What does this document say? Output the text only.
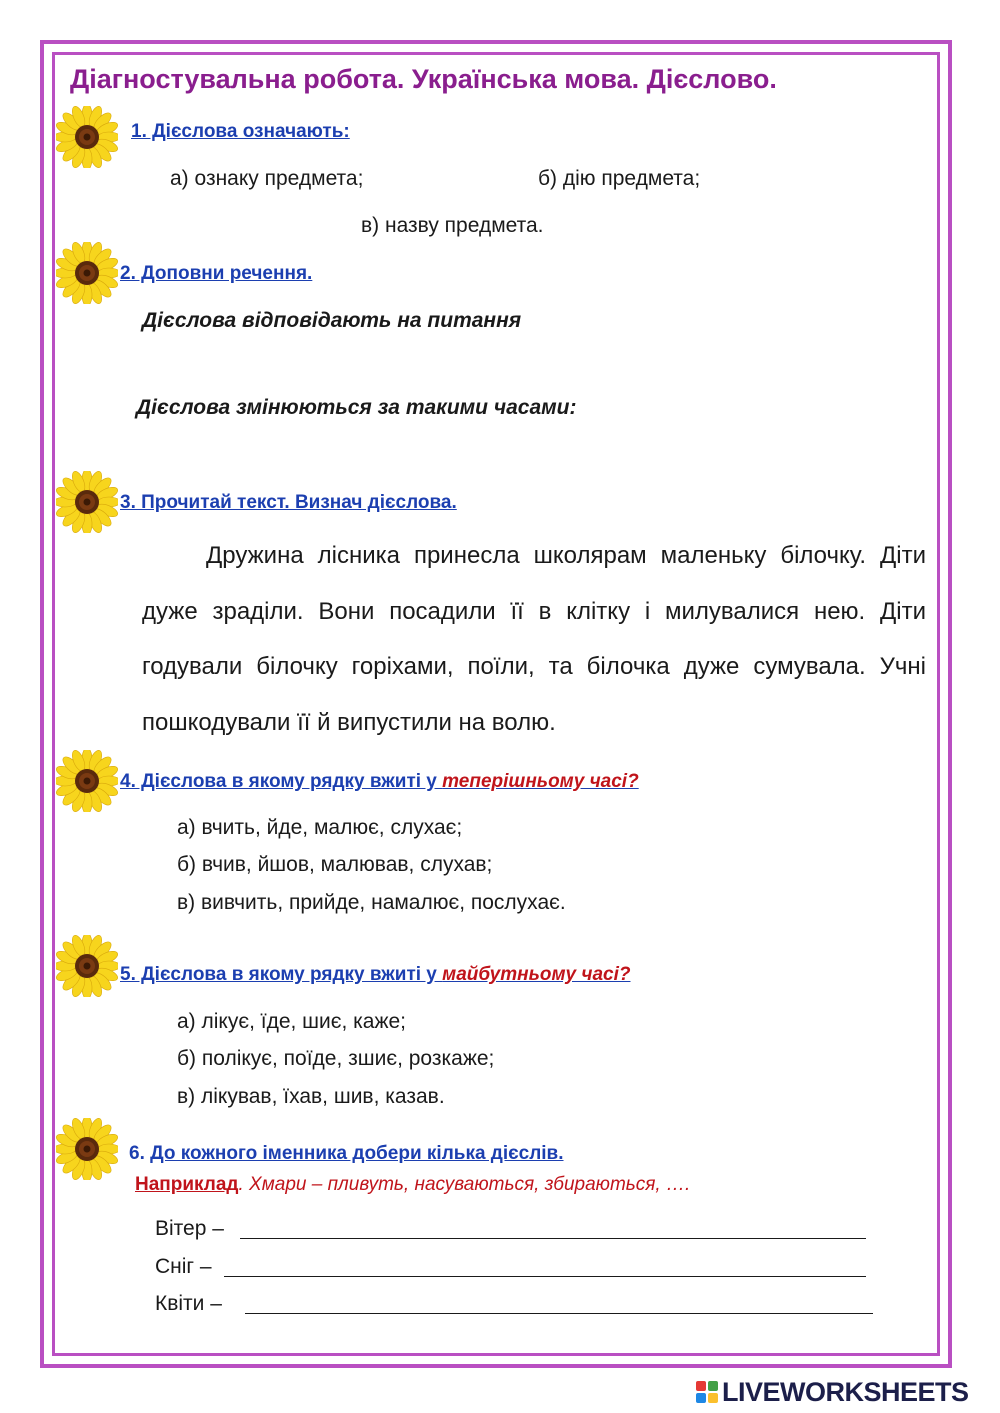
Діагностувальна робота. Українська мова. Дієслово.
1. Дієслова означають:
а) ознаку предмета;	б) дію предмета;
в) назву предмета.
2. Доповни речення.
Дієслова відповідають на питання
Дієслова змінюються за такими часами:
3. Прочитай текст. Визнач дієслова.
Дружина лісника принесла школярам маленьку білочку. Діти дуже зраділи. Вони посадили її в клітку і милувалися нею. Діти годували білочку горіхами, поїли, та білочка дуже сумувала. Учні пошкодували її й випустили на волю.
4. Дієслова в якому рядку вжиті у теперішньому часі?
а) вчить, йде, малює, слухає;
б) вчив, йшов, малював, слухав;
в) вивчить, прийде, намалює, послухає.
5. Дієслова в якому рядку вжиті у майбутньому часі?
а) лікує, їде, шиє, каже;
б) полікує, поїде, зшиє, розкаже;
в) лікував, їхав, шив, казав.
6. До кожного іменника добери кілька дієслів.
Наприклад. Хмари – пливуть, насуваються, збираються, ….
Вітер –
Сніг –
Квіти –
LIVEWORKSHEETS
